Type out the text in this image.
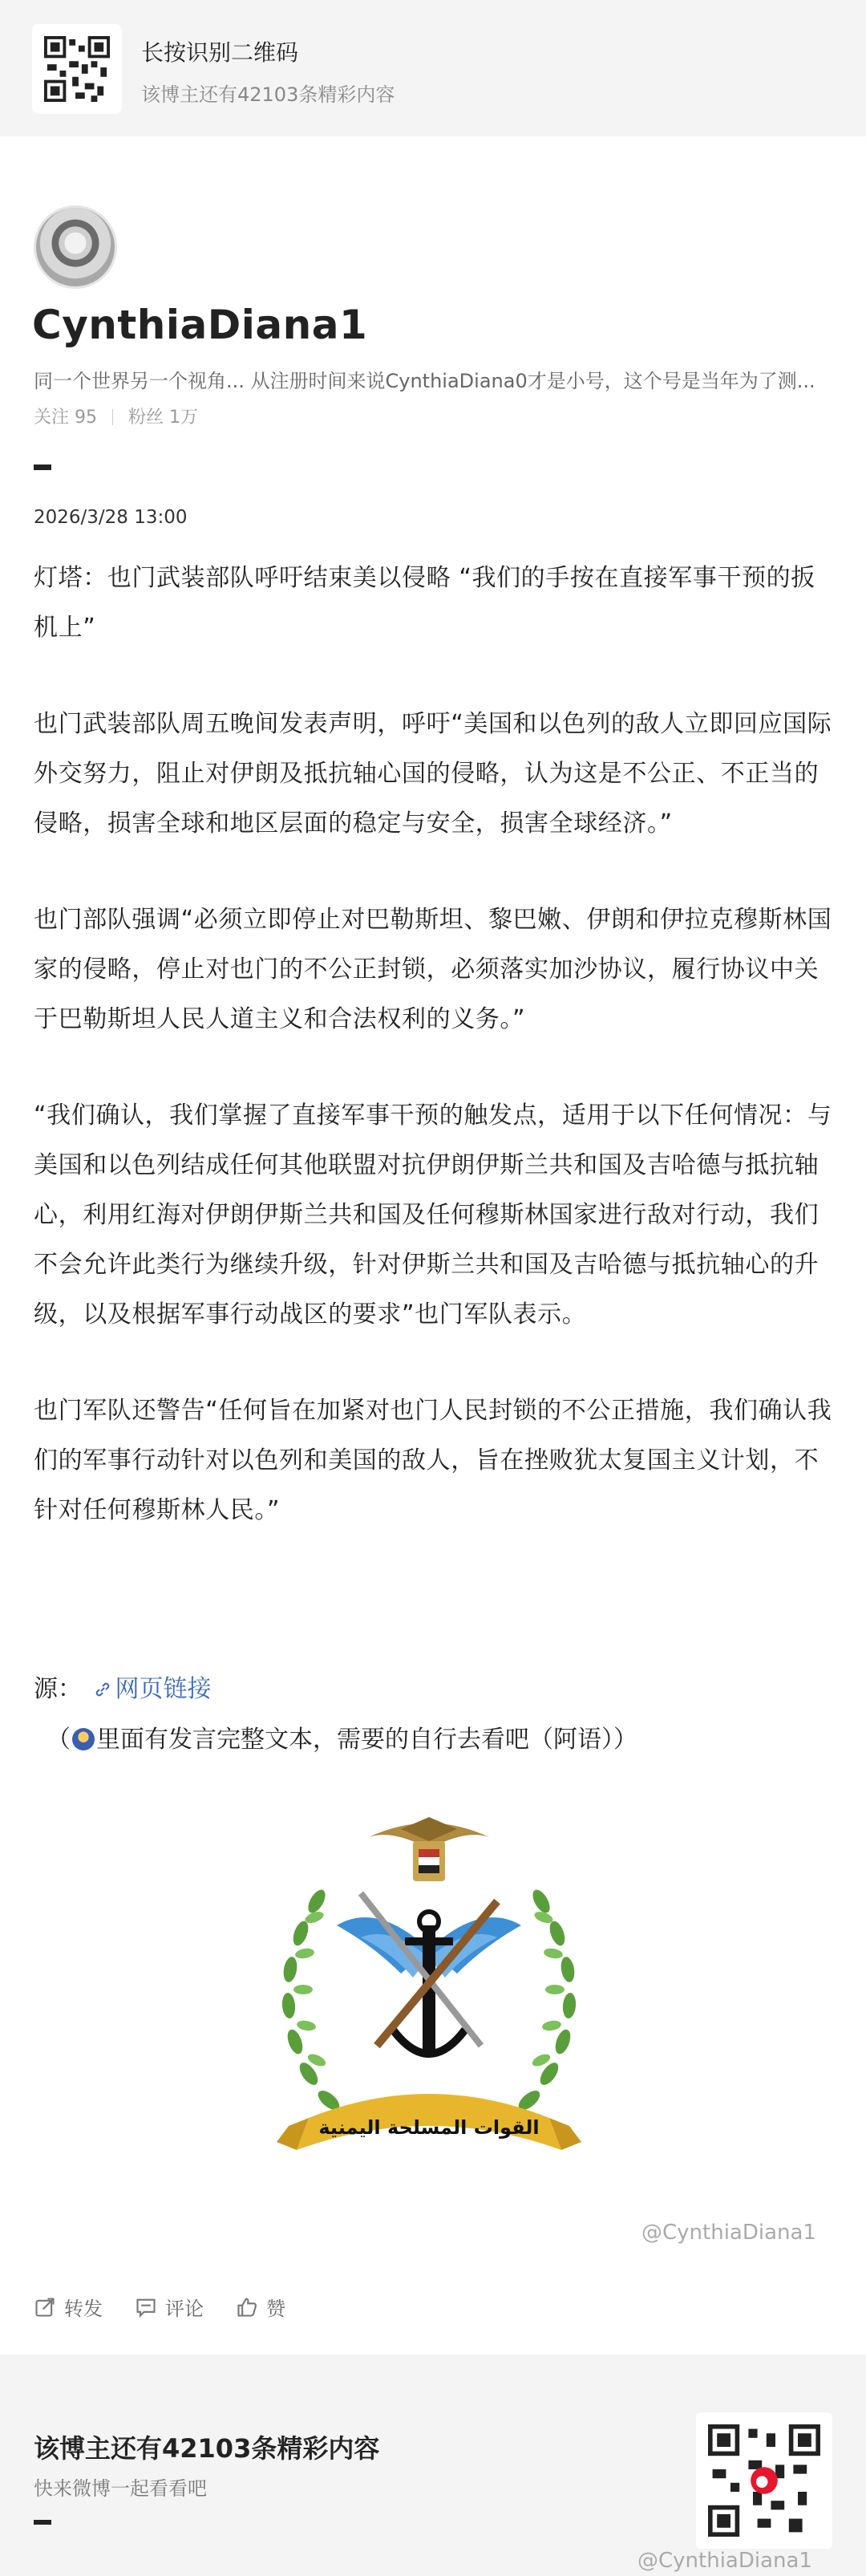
长按识别二维码
该博主还有42103条精彩内容
CynthiaDiana1
同一个世界另一个视角... 从注册时间来说CynthiaDiana0才是小号，这个号是当年为了测...
关注 95 粉丝 1万
2026/3/28 13:00

灯塔：也门武装部队呼吁结束美以侵略 “我们的手按在直接军事干预的扳机上”

也门武装部队周五晚间发表声明，呼吁“美国和以色列的敌人立即回应国际外交努力，阻止对伊朗及抵抗轴心国的侵略，认为这是不公正、不正当的侵略，损害全球和地区层面的稳定与安全，损害全球经济。”

也门部队强调“必须立即停止对巴勒斯坦、黎巴嫩、伊朗和伊拉克穆斯林国家的侵略，停止对也门的不公正封锁，必须落实加沙协议，履行协议中关于巴勒斯坦人民人道主义和合法权利的义务。”

“我们确认，我们掌握了直接军事干预的触发点，适用于以下任何情况：与美国和以色列结成任何其他联盟对抗伊朗伊斯兰共和国及吉哈德与抵抗轴心，利用红海对伊朗伊斯兰共和国及任何穆斯林国家进行敌对行动，我们不会允许此类行为继续升级，针对伊斯兰共和国及吉哈德与抵抗轴心的升级，以及根据军事行动战区的要求”也门军队表示。

也门军队还警告“任何旨在加紧对也门人民封锁的不公正措施，我们确认我们的军事行动针对以色列和美国的敌人，旨在挫败犹太复国主义计划，不针对任何穆斯林人民。”

源： 网页链接
（ 里面有发言完整文本，需要的自行去看吧（阿语））
القوات المسلحة اليمنية
@CynthiaDiana1
转发	评论	赞
该博主还有42103条精彩内容
快来微博一起看看吧
@CynthiaDiana1
